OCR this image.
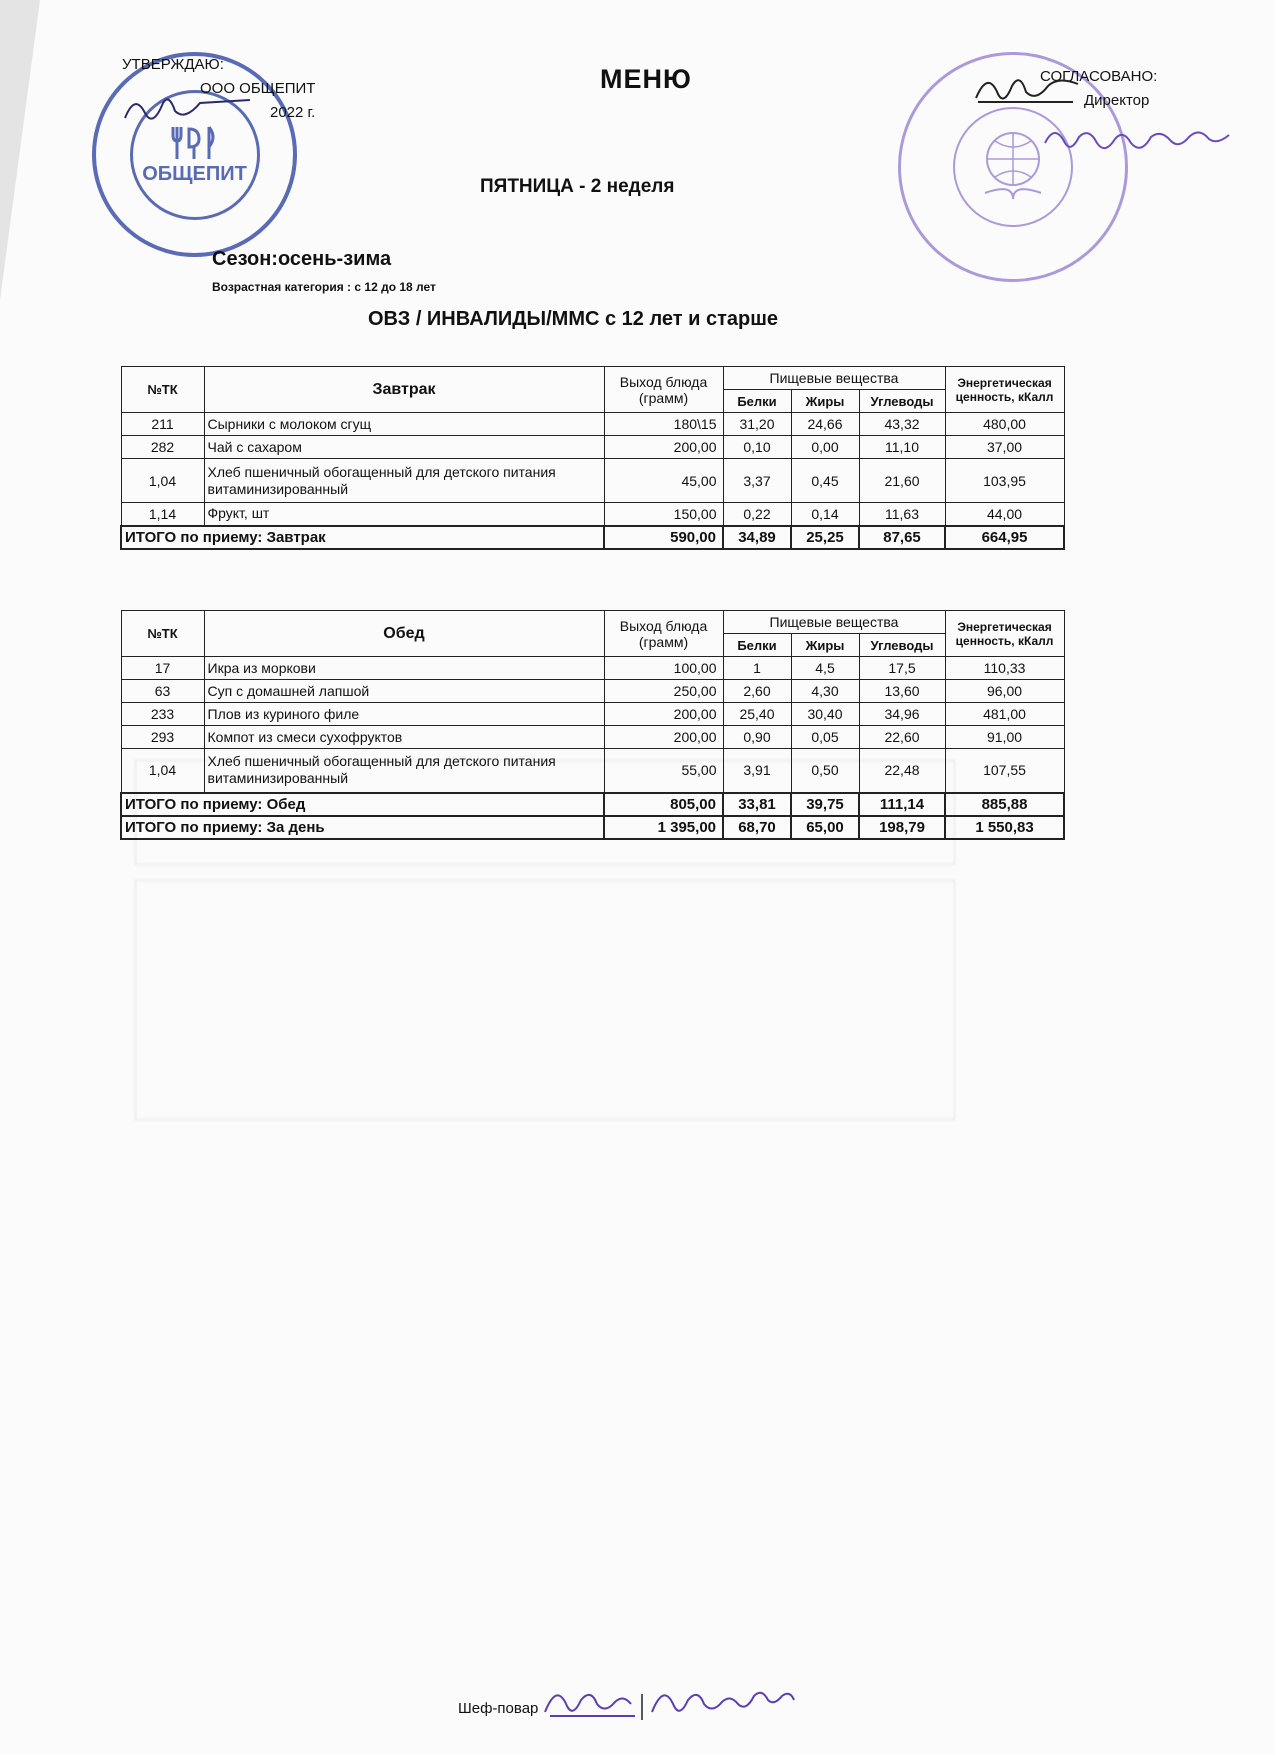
ОБЩЕПИТ
УТВЕРЖДАЮ:
ООО ОБЩЕПИТ
2022 г.
МЕНЮ	СОГЛАСОВАНО:
Директор
ПЯТНИЦА - 2 неделя
Сезон:осень-зима
Возрастная категория : с 12 до 18 лет
ОВЗ / ИНВАЛИДЫ/ММС с 12 лет и старше
№ТК	Завтрак	Выход блюда (грамм)	Пищевые вещества			Энергетическая ценность, кКалл
			Белки	Жиры	Углеводы	
211	Сырники с молоком сгущ	180\15	31,20	24,66	43,32	480,00
282	Чай с сахаром	200,00	0,10	0,00	11,10	37,00
1,04	Хлеб пшеничный обогащенный для детского питания витаминизированный	45,00	3,37	0,45	21,60	103,95
1,14	Фрукт, шт	150,00	0,22	0,14	11,63	44,00
ИТОГО по приему: Завтрак		590,00	34,89	25,25	87,65	664,95
№ТК	Обед	Выход блюда (грамм)	Пищевые вещества			Энергетическая ценность, кКалл
			Белки	Жиры	Углеводы	
17	Икра из моркови	100,00	1	4,5	17,5	110,33
63	Суп с домашней лапшой	250,00	2,60	4,30	13,60	96,00
233	Плов из куриного филе	200,00	25,40	30,40	34,96	481,00
293	Компот из смеси сухофруктов	200,00	0,90	0,05	22,60	91,00
1,04	Хлеб пшеничный обогащенный для детского питания витаминизированный	55,00	3,91	0,50	22,48	107,55
ИТОГО по приему: Обед		805,00	33,81	39,75	111,14	885,88
ИТОГО по приему: За день		1 395,00	68,70	65,00	198,79	1 550,83
Шеф-повар
